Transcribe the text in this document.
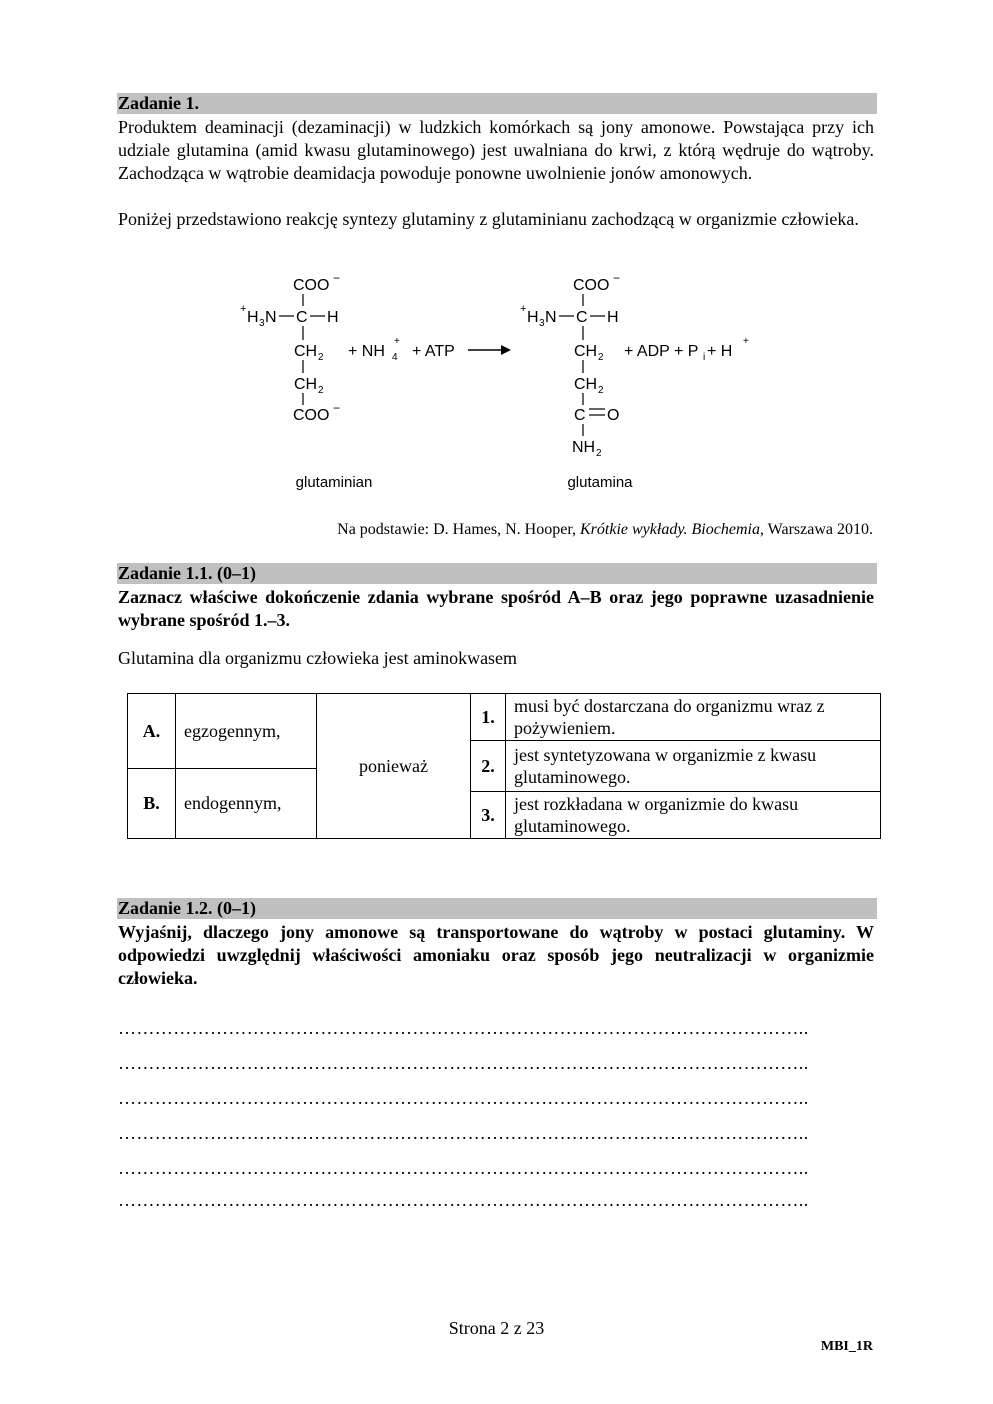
Zadanie 1.
Produktem deaminacji (dezaminacji) w ludzkich komórkach są jony amonowe. Powstająca przy ich udziale glutamina (amid kwasu glutaminowego) jest uwalniana do krwi, z którą wędruje do wątroby. Zachodząca w wątrobie deamidacja powoduje ponowne uwolnienie jonów amonowych.
Poniżej przedstawiono reakcję syntezy glutaminy z glutaminianu zachodzącą w organizmie człowieka.
COO −
+ H 3 N C H
CH 2
CH 2
COO −
+ NH 4
+
+ ATP
COO −
+ H 3 N C H
CH 2
CH 2
C O
NH 2
+ ADP + P i + H
+
glutaminian	glutamina
Na podstawie: D. Hames, N. Hooper, Krótkie wykłady. Biochemia, Warszawa 2010.
Zadanie 1.1. (0–1)
Zaznacz właściwe dokończenie zdania wybrane spośród A–B oraz jego poprawne uzasadnienie wybrane spośród 1.–3.
Glutamina dla organizmu człowieka jest aminokwasem
A.	egzogennym,	ponieważ	1.	musi być dostarczana do organizmu wraz z pożywieniem.
			2.	jest syntetyzowana w organizmie z kwasu glutaminowego.
B.	endogennym,			
			3.	jest rozkładana w organizmie do kwasu glutaminowego.
Zadanie 1.2. (0–1)
Wyjaśnij, dlaczego jony amonowe są transportowane do wątroby w postaci glutaminy. W odpowiedzi uwzględnij właściwości amoniaku oraz sposób jego neutralizacji w organizmie człowieka.
…………………………………………………………………………………………………..
…………………………………………………………………………………………………..
…………………………………………………………………………………………………..
…………………………………………………………………………………………………..
…………………………………………………………………………………………………..
…………………………………………………………………………………………………..
Strona 2 z 23
MBI_1R
